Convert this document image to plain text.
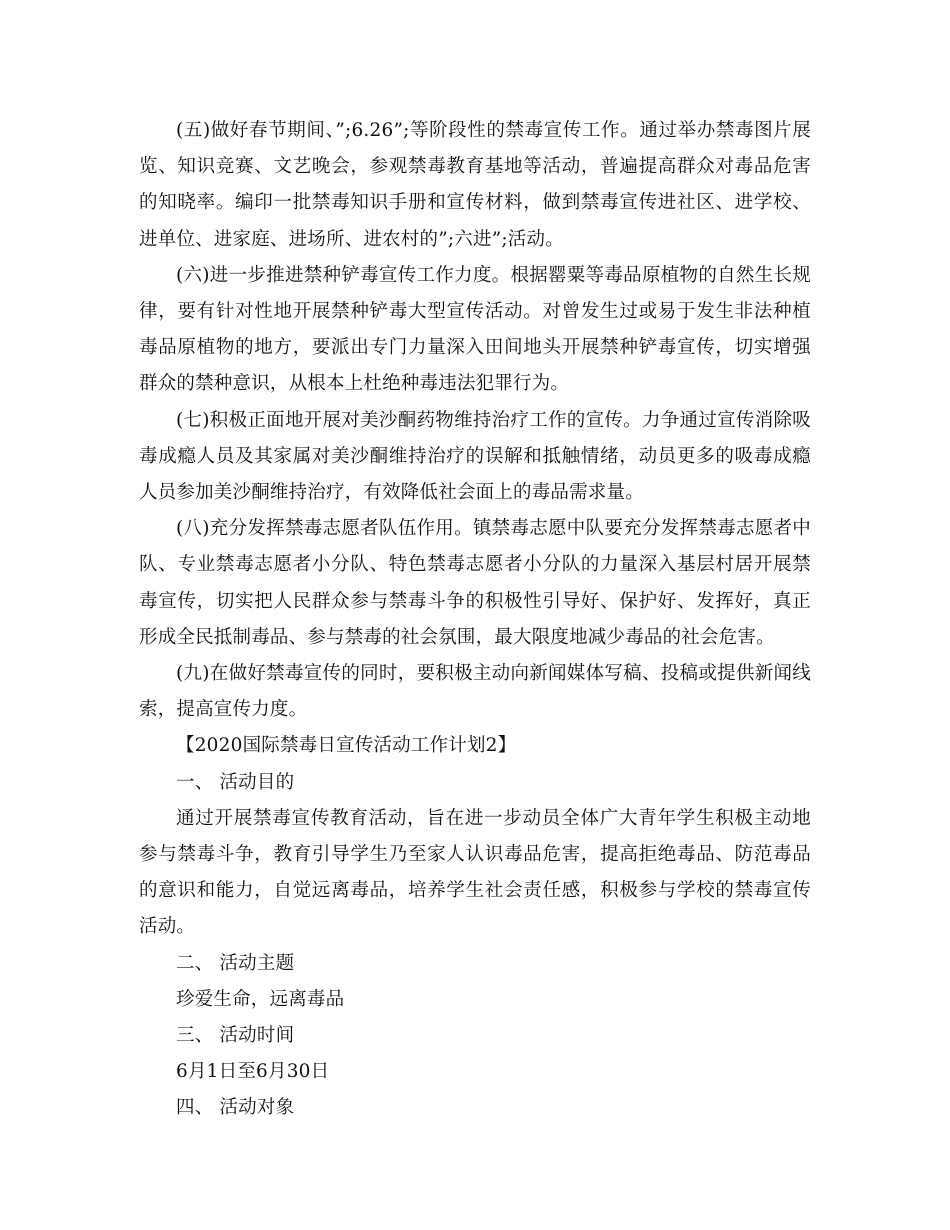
(五)做好春节期间、”;6.26”;等阶段性的禁毒宣传工作。通过举办禁毒图片展览、知识竞赛、文艺晚会，参观禁毒教育基地等活动，普遍提高群众对毒品危害的知晓率。编印一批禁毒知识手册和宣传材料，做到禁毒宣传进社区、进学校、进单位、进家庭、进场所、进农村的”;六进”;活动。

(六)进一步推进禁种铲毒宣传工作力度。根据罂粟等毒品原植物的自然生长规律，要有针对性地开展禁种铲毒大型宣传活动。对曾发生过或易于发生非法种植毒品原植物的地方，要派出专门力量深入田间地头开展禁种铲毒宣传，切实增强群众的禁种意识，从根本上杜绝种毒违法犯罪行为。

(七)积极正面地开展对美沙酮药物维持治疗工作的宣传。力争通过宣传消除吸毒成瘾人员及其家属对美沙酮维持治疗的误解和抵触情绪，动员更多的吸毒成瘾人员参加美沙酮维持治疗，有效降低社会面上的毒品需求量。

(八)充分发挥禁毒志愿者队伍作用。镇禁毒志愿中队要充分发挥禁毒志愿者中队、专业禁毒志愿者小分队、特色禁毒志愿者小分队的力量深入基层村居开展禁毒宣传，切实把人民群众参与禁毒斗争的积极性引导好、保护好、发挥好，真正形成全民抵制毒品、参与禁毒的社会氛围，最大限度地减少毒品的社会危害。

(九)在做好禁毒宣传的同时，要积极主动向新闻媒体写稿、投稿或提供新闻线索，提高宣传力度。

【2020国际禁毒日宣传活动工作计划2】

一、 活动目的

通过开展禁毒宣传教育活动，旨在进一步动员全体广大青年学生积极主动地参与禁毒斗争，教育引导学生乃至家人认识毒品危害，提高拒绝毒品、防范毒品的意识和能力，自觉远离毒品，培养学生社会责任感，积极参与学校的禁毒宣传活动。

二、 活动主题

珍爱生命，远离毒品

三、 活动时间

6月1日至6月30日

四、 活动对象
